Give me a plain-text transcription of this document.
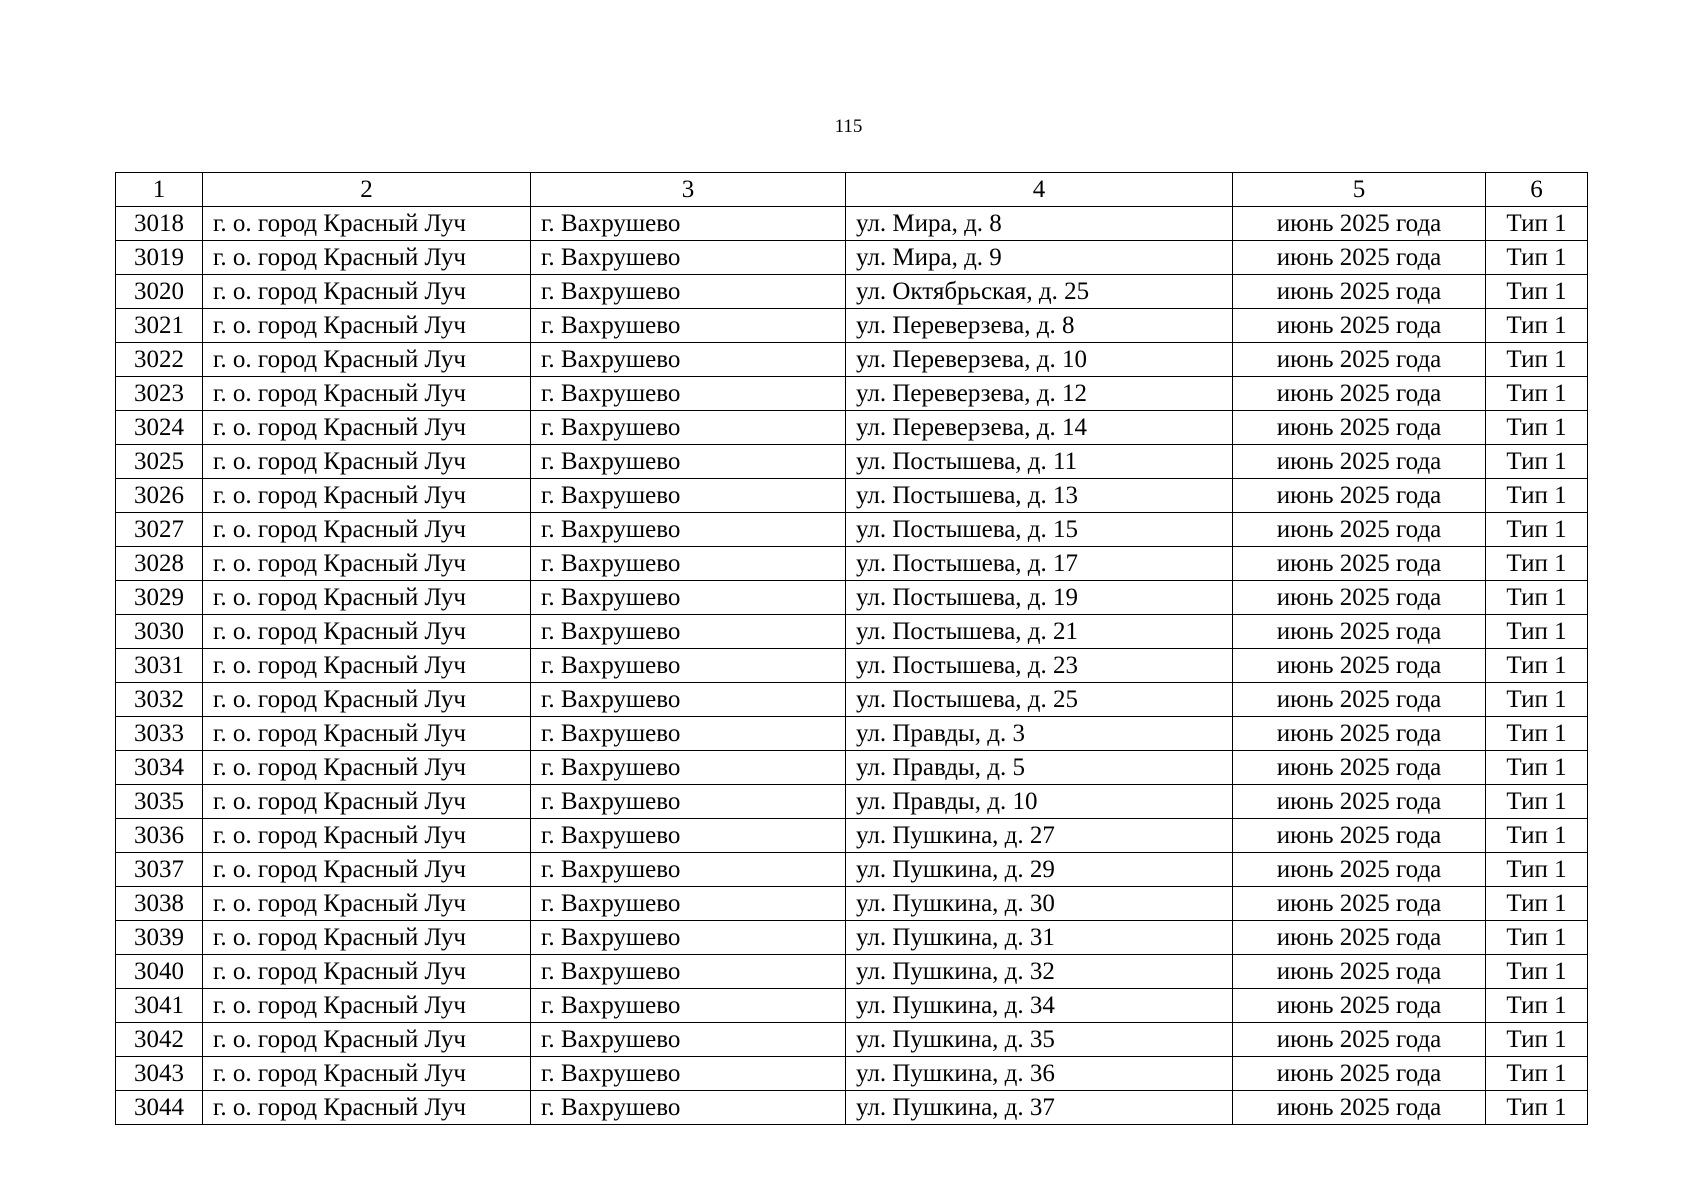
115
1	2	3	4	5	6
3018	г. о. город Красный Луч	г. Вахрушево	ул. Мира, д. 8	июнь 2025 года	Тип 1
3019	г. о. город Красный Луч	г. Вахрушево	ул. Мира, д. 9	июнь 2025 года	Тип 1
3020	г. о. город Красный Луч	г. Вахрушево	ул. Октябрьская, д. 25	июнь 2025 года	Тип 1
3021	г. о. город Красный Луч	г. Вахрушево	ул. Переверзева, д. 8	июнь 2025 года	Тип 1
3022	г. о. город Красный Луч	г. Вахрушево	ул. Переверзева, д. 10	июнь 2025 года	Тип 1
3023	г. о. город Красный Луч	г. Вахрушево	ул. Переверзева, д. 12	июнь 2025 года	Тип 1
3024	г. о. город Красный Луч	г. Вахрушево	ул. Переверзева, д. 14	июнь 2025 года	Тип 1
3025	г. о. город Красный Луч	г. Вахрушево	ул. Постышева, д. 11	июнь 2025 года	Тип 1
3026	г. о. город Красный Луч	г. Вахрушево	ул. Постышева, д. 13	июнь 2025 года	Тип 1
3027	г. о. город Красный Луч	г. Вахрушево	ул. Постышева, д. 15	июнь 2025 года	Тип 1
3028	г. о. город Красный Луч	г. Вахрушево	ул. Постышева, д. 17	июнь 2025 года	Тип 1
3029	г. о. город Красный Луч	г. Вахрушево	ул. Постышева, д. 19	июнь 2025 года	Тип 1
3030	г. о. город Красный Луч	г. Вахрушево	ул. Постышева, д. 21	июнь 2025 года	Тип 1
3031	г. о. город Красный Луч	г. Вахрушево	ул. Постышева, д. 23	июнь 2025 года	Тип 1
3032	г. о. город Красный Луч	г. Вахрушево	ул. Постышева, д. 25	июнь 2025 года	Тип 1
3033	г. о. город Красный Луч	г. Вахрушево	ул. Правды, д. 3	июнь 2025 года	Тип 1
3034	г. о. город Красный Луч	г. Вахрушево	ул. Правды, д. 5	июнь 2025 года	Тип 1
3035	г. о. город Красный Луч	г. Вахрушево	ул. Правды, д. 10	июнь 2025 года	Тип 1
3036	г. о. город Красный Луч	г. Вахрушево	ул. Пушкина, д. 27	июнь 2025 года	Тип 1
3037	г. о. город Красный Луч	г. Вахрушево	ул. Пушкина, д. 29	июнь 2025 года	Тип 1
3038	г. о. город Красный Луч	г. Вахрушево	ул. Пушкина, д. 30	июнь 2025 года	Тип 1
3039	г. о. город Красный Луч	г. Вахрушево	ул. Пушкина, д. 31	июнь 2025 года	Тип 1
3040	г. о. город Красный Луч	г. Вахрушево	ул. Пушкина, д. 32	июнь 2025 года	Тип 1
3041	г. о. город Красный Луч	г. Вахрушево	ул. Пушкина, д. 34	июнь 2025 года	Тип 1
3042	г. о. город Красный Луч	г. Вахрушево	ул. Пушкина, д. 35	июнь 2025 года	Тип 1
3043	г. о. город Красный Луч	г. Вахрушево	ул. Пушкина, д. 36	июнь 2025 года	Тип 1
3044	г. о. город Красный Луч	г. Вахрушево	ул. Пушкина, д. 37	июнь 2025 года	Тип 1
